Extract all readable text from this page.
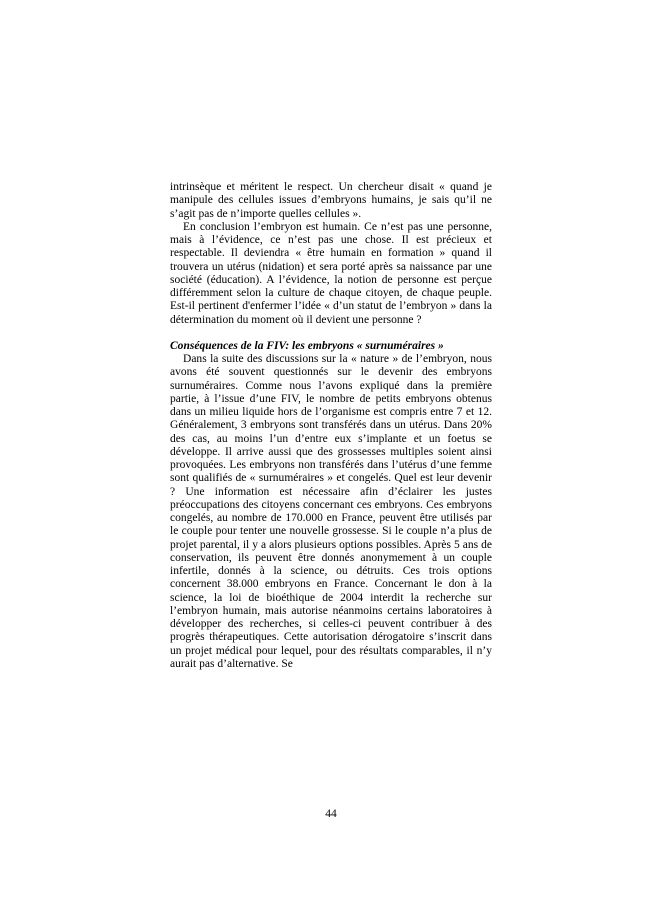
intrinsèque et méritent le respect. Un chercheur disait « quand je manipule des cellules issues d’embryons humains, je sais qu’il ne s’agit pas de n’importe quelles cellules ».

En conclusion l’embryon est humain. Ce n’est pas une personne, mais à l’évidence, ce n’est pas une chose. Il est précieux et respectable. Il deviendra « être humain en formation » quand il trouvera un utérus (nidation) et sera porté après sa naissance par une société (éducation). A l’évidence, la notion de personne est perçue différemment selon la culture de chaque citoyen, de chaque peuple. Est-il pertinent d'enfermer l’idée « d’un statut de l’embryon » dans la détermination du moment où il devient une personne ?

Conséquences de la FIV: les embryons « surnuméraires »

Dans la suite des discussions sur la « nature » de l’embryon, nous avons été souvent questionnés sur le devenir des embryons surnuméraires. Comme nous l’avons expliqué dans la première partie, à l’issue d’une FIV, le nombre de petits embryons obtenus dans un milieu liquide hors de l’organisme est compris entre 7 et 12. Généralement, 3 embryons sont transférés dans un utérus. Dans 20% des cas, au moins l’un d’entre eux s’implante et un foetus se développe. Il arrive aussi que des grossesses multiples soient ainsi provoquées. Les embryons non transférés dans l’utérus d’une femme sont qualifiés de « surnuméraires » et congelés. Quel est leur devenir ? Une information est nécessaire afin d’éclairer les justes préoccupations des citoyens concernant ces embryons. Ces embryons congelés, au nombre de 170.000 en France, peuvent être utilisés par le couple pour tenter une nouvelle grossesse. Si le couple n’a plus de projet parental, il y a alors plusieurs options possibles. Après 5 ans de conservation, ils peuvent être donnés anonymement à un couple infertile, donnés à la science, ou détruits. Ces trois options concernent 38.000 embryons en France. Concernant le don à la science, la loi de bioéthique de 2004 interdit la recherche sur l’embryon humain, mais autorise néanmoins certains laboratoires à développer des recherches, si celles-ci peuvent contribuer à des progrès thérapeutiques. Cette autorisation dérogatoire s’inscrit dans un projet médical pour lequel, pour des résultats comparables, il n’y aurait pas d’alternative. Se

44
